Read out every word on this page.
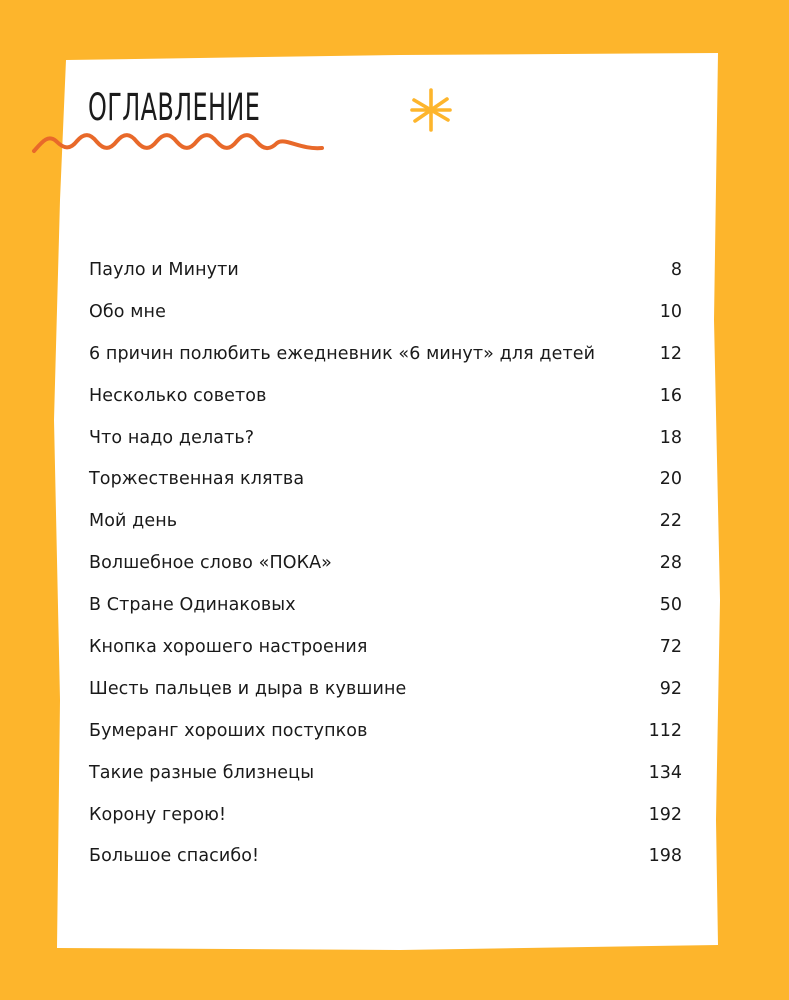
ОГЛАВЛЕНИЕ
Пауло и Минути	8
Обо мне	10
6 причин полюбить ежедневник «6 минут» для детей	12
Несколько советов	16
Что надо делать?	18
Торжественная клятва	20
Мой день	22
Волшебное слово «ПОКА»	28
В Стране Одинаковых	50
Кнопка хорошего настроения	72
Шесть пальцев и дыра в кувшине	92
Бумеранг хороших поступков	112
Такие разные близнецы	134
Корону герою!	192
Большое спасибо!	198
